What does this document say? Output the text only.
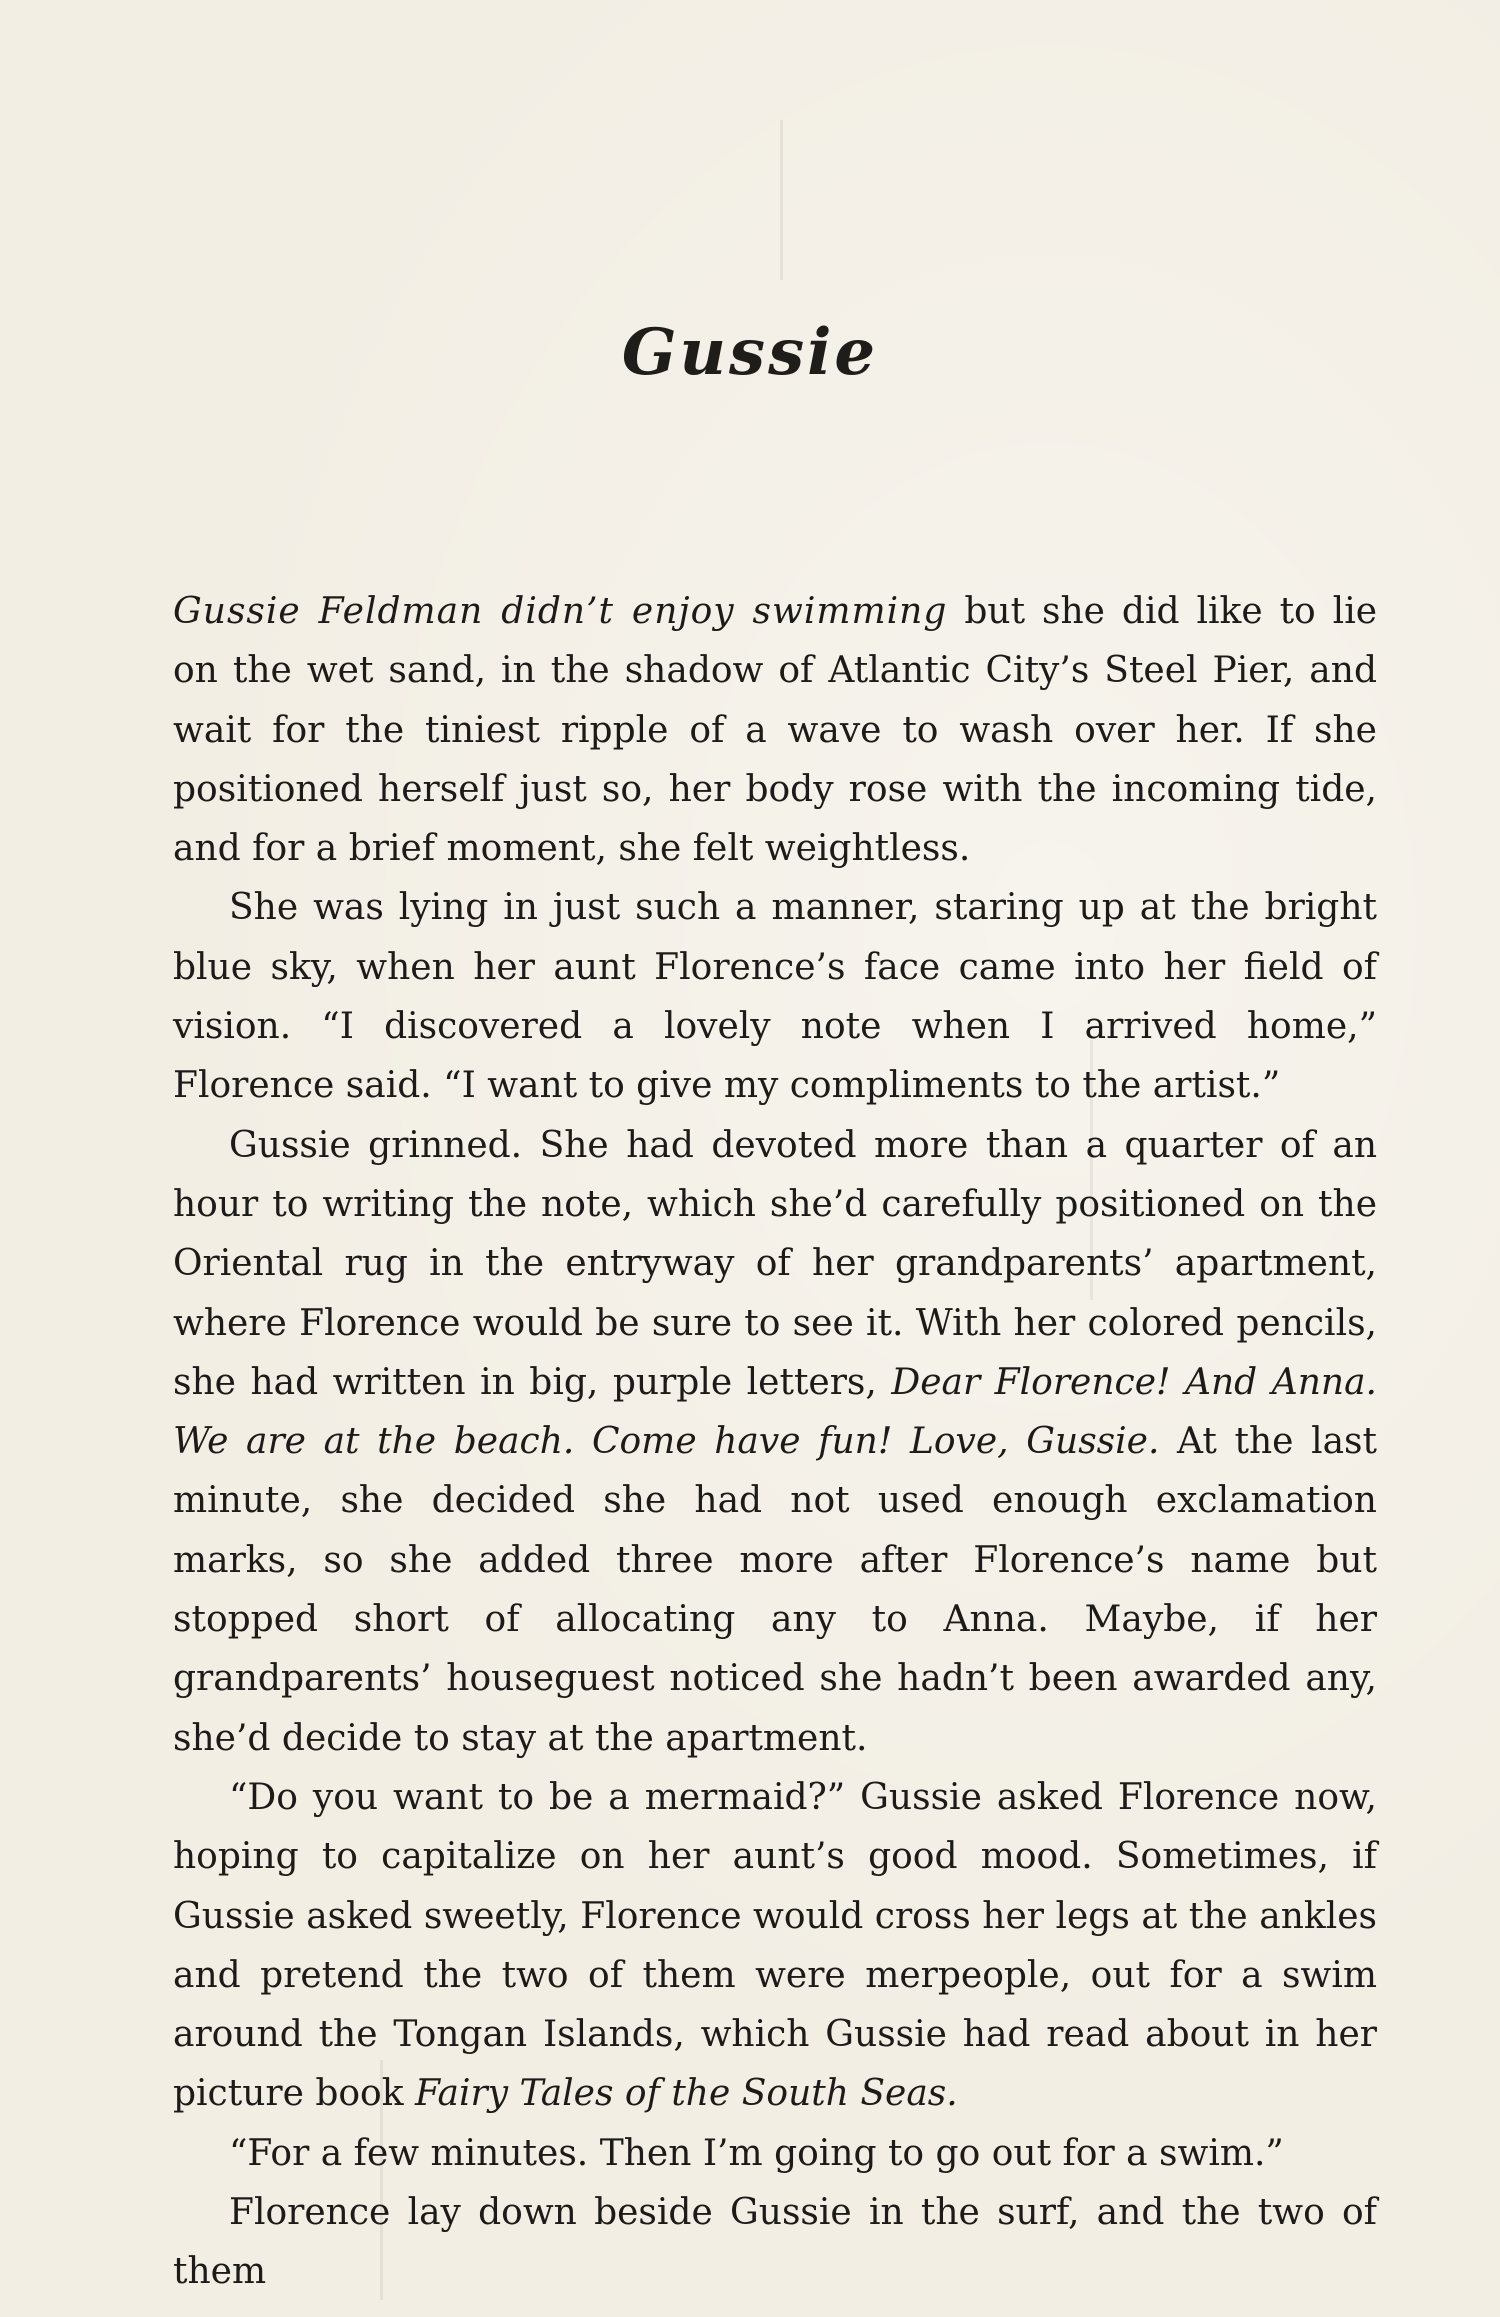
Gussie

Gussie Feldman didn’t enjoy swimming but she did like to lie on the wet sand, in the shadow of Atlantic City’s Steel Pier, and wait for the tiniest ripple of a wave to wash over her. If she positioned herself just so, her body rose with the incoming tide, and for a brief moment, she felt weightless.

She was lying in just such a manner, staring up at the bright blue sky, when her aunt Florence’s face came into her field of vision. “I discovered a lovely note when I arrived home,” Florence said. “I want to give my compliments to the artist.”

Gussie grinned. She had devoted more than a quarter of an hour to writing the note, which she’d carefully positioned on the Oriental rug in the entryway of her grandparents’ apartment, where Florence would be sure to see it. With her colored pencils, she had written in big, purple letters, Dear Florence! And Anna. We are at the beach. Come have fun! Love, Gussie. At the last minute, she decided she had not used enough exclamation marks, so she added three more after Florence’s name but stopped short of allocating any to Anna. Maybe, if her grandparents’ houseguest noticed she hadn’t been awarded any, she’d decide to stay at the apartment.

“Do you want to be a mermaid?” Gussie asked Florence now, hoping to capitalize on her aunt’s good mood. Sometimes, if Gussie asked sweetly, Florence would cross her legs at the ankles and pretend the two of them were merpeople, out for a swim around the Tongan Islands, which Gussie had read about in her picture book Fairy Tales of the South Seas.

“For a few minutes. Then I’m going to go out for a swim.”

Florence lay down beside Gussie in the surf, and the two of them
